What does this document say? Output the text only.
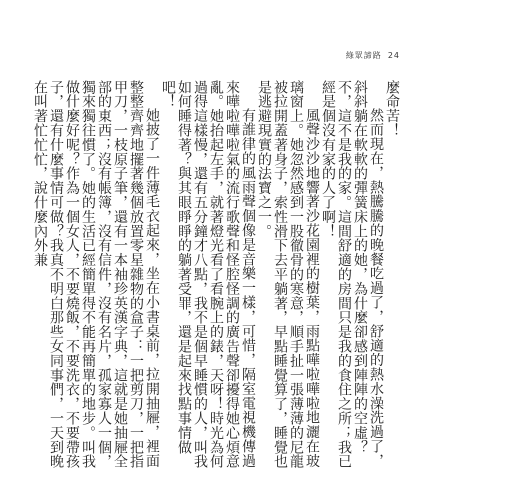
綠眾諦路 24

麼命苦！

然而現在，熱騰騰的晚餐吃過了，舒適的熱水澡洗過了，斜斜躺在軟軟的彈簧床上的她，為什麼卻感到陣陣的空虛？不，這不是我的家。這間舒適的房間只是我的食住之所；我已經是個沒有家的人了啊！

風聲沙沙地響著沙花園裡的樹葉，雨點嘩啦嘩啦地灑在玻璃窗上。她忽然感到一股徹骨的寒意，順手扯一張薄薄的尼龍被拉開蓋著身子，索性滑下去平躺著，早點睡覺算了，睡覺也是逃避現實的法寶之一。

有誰律的風雨聲個像是音樂一樣，可惜，隔室電視機傳過來嘩啦嘩啦氣的流行歌聲和怪腔怪調的廣告聲卻擾得她心煩意亂。她抬起左手，就著燈光看了看腕上的錶，天呀！時光為何過得這樣慢，還有五分鐘才八點，我不是個早睡慣的人，叫我如何睡得著？與其眼睜睜的躺著受罪，還是起來找點事情做吧！

她披了一件薄毛衣起來，坐在小書桌前，拉開抽屜，裡面整整齊齊地擺著幾個放置零星雜物的盒子：一把剪刀，一把指甲刀，一枝原子筆，還有一本袖珍英漢字典，這就是她抽屜全部的東西；沒有帳簿，沒有信件，沒有名片，孤家寡人一個，獨來獨往慣了。她的生活已經簡單得不能再簡單的地步。叫我做什麼好呢？作為一個女人，不要燒飯，不要洗衣，不要帶孩子，還有什麼事情可做？我真不明白那些女同事們，一天到晚在叫著忙忙忙，說什麼內外兼
